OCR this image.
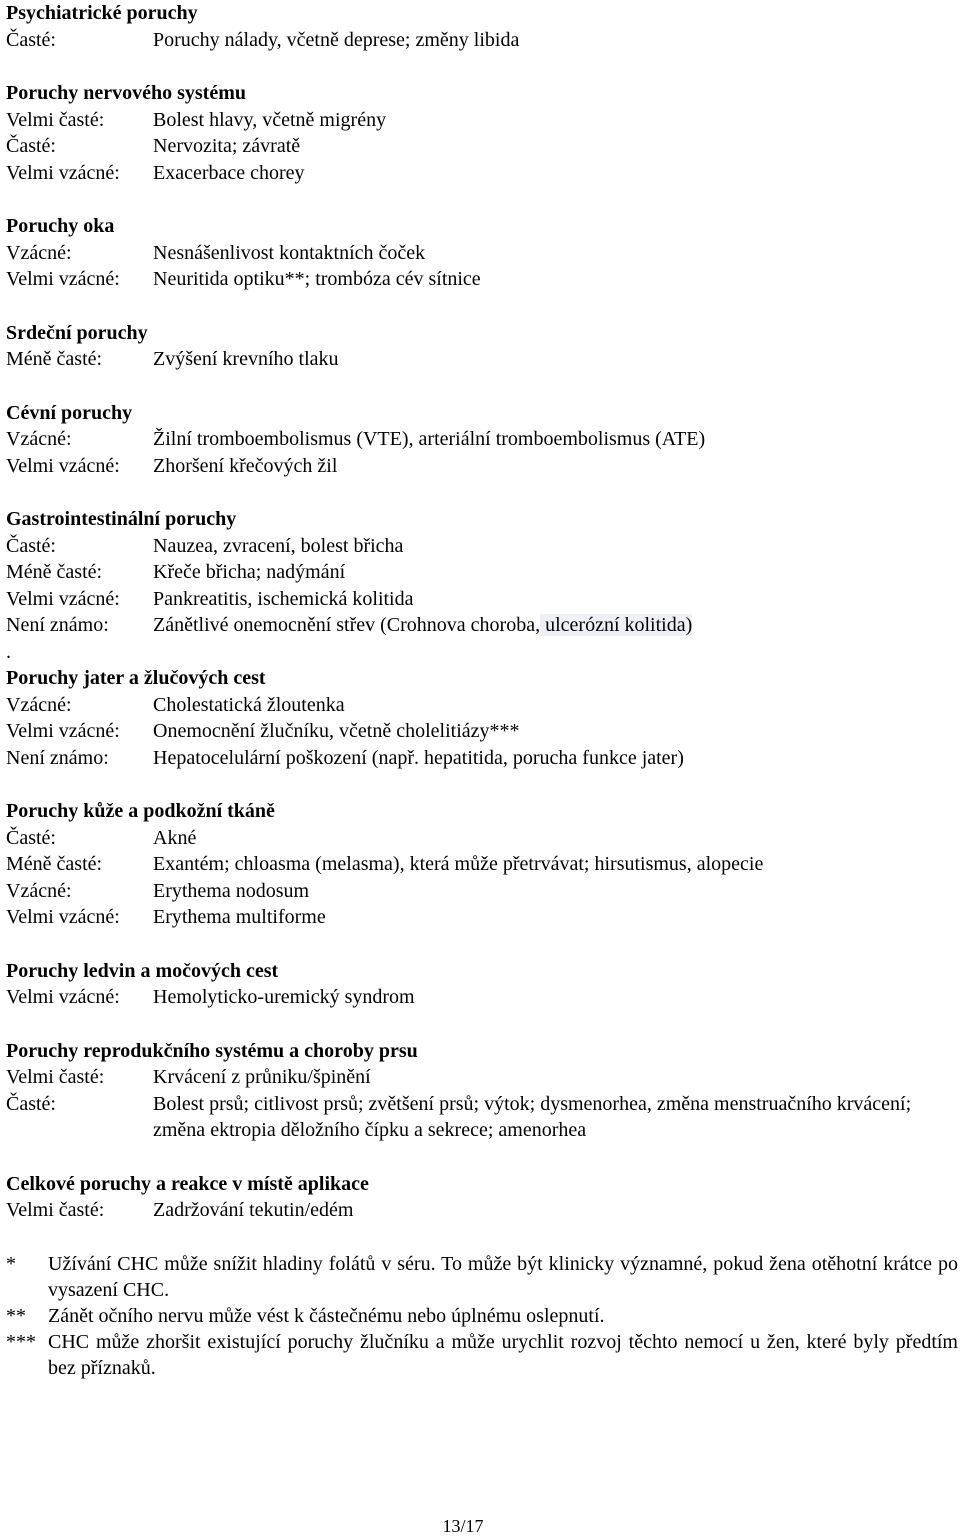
Psychiatrické poruchy
Časté:	Poruchy nálady, včetně deprese; změny libida
Poruchy nervového systému
Velmi časté:	Bolest hlavy, včetně migrény
Časté:	Nervozita; závratě
Velmi vzácné:	Exacerbace chorey
Poruchy oka
Vzácné:	Nesnášenlivost kontaktních čoček
Velmi vzácné:	Neuritida optiku**; trombóza cév sítnice
Srdeční poruchy
Méně časté:	Zvýšení krevního tlaku
Cévní poruchy
Vzácné:	Žilní tromboembolismus (VTE), arteriální tromboembolismus (ATE)
Velmi vzácné:	Zhoršení křečových žil
Gastrointestinální poruchy
Časté:	Nauzea, zvracení, bolest břicha
Méně časté:	Křeče břicha; nadýmání
Velmi vzácné:	Pankreatitis, ischemická kolitida
Není známo:	Zánětlivé onemocnění střev (Crohnova choroba, ulcerózní kolitida)
.
Poruchy jater a žlučových cest
Vzácné:	Cholestatická žloutenka
Velmi vzácné:	Onemocnění žlučníku, včetně cholelitiázy***
Není známo:	Hepatocelulární poškození (např. hepatitida, porucha funkce jater)
Poruchy kůže a podkožní tkáně
Časté:	Akné
Méně časté:	Exantém; chloasma (melasma), která může přetrvávat; hirsutismus, alopecie
Vzácné:	Erythema nodosum
Velmi vzácné:	Erythema multiforme
Poruchy ledvin a močových cest
Velmi vzácné:	Hemolyticko-uremický syndrom
Poruchy reprodukčního systému a choroby prsu
Velmi časté:	Krvácení z průniku/špinění
Časté:	Bolest prsů; citlivost prsů; zvětšení prsů; výtok; dysmenorhea, změna menstruačního krvácení; změna ektropia děložního čípku a sekrece; amenorhea
Celkové poruchy a reakce v místě aplikace
Velmi časté:	Zadržování tekutin/edém
*	Užívání CHC může snížit hladiny folátů v séru. To může být klinicky významné, pokud žena otěhotní krátce po vysazení CHC.
**	Zánět očního nervu může vést k částečnému nebo úplnému oslepnutí.
*** CHC může zhoršit existující poruchy žlučníku a může urychlit rozvoj těchto nemocí u žen, které byly předtím bez příznaků.
13/17
